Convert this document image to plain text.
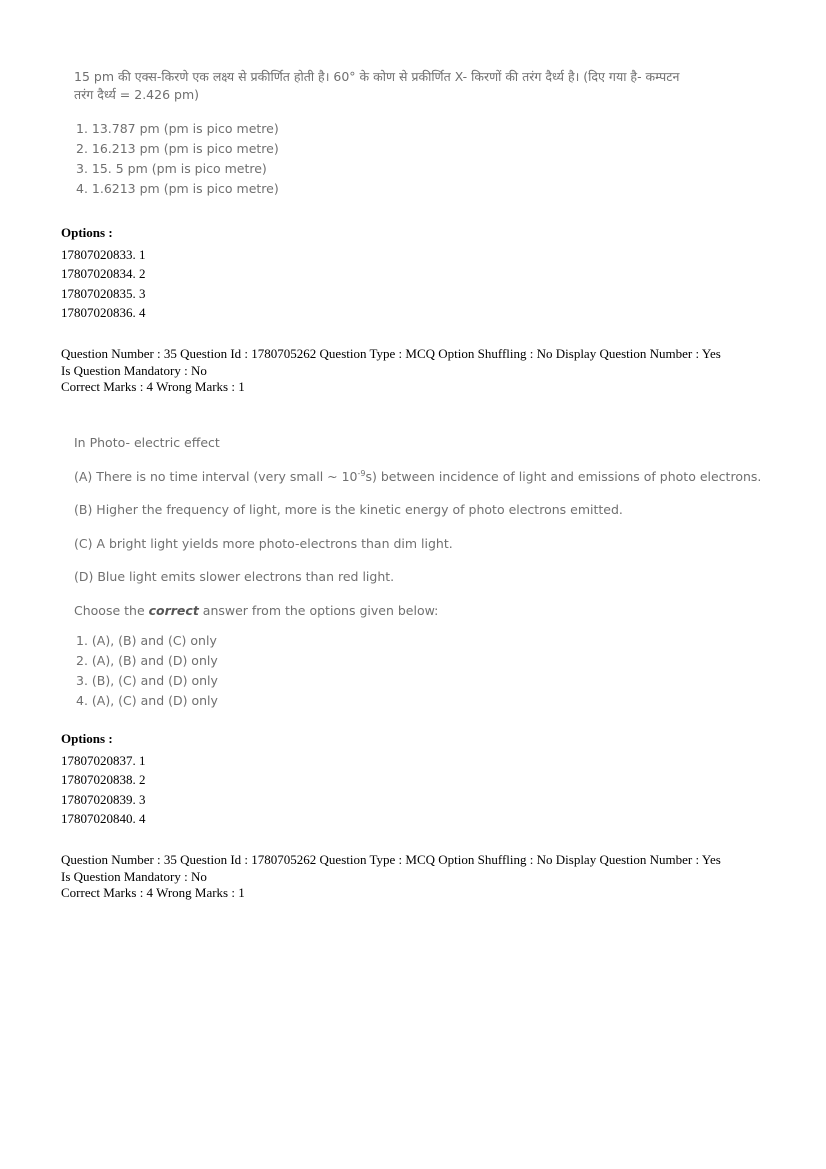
15 pm की एक्स-किरणे एक लक्ष्य से प्रकीर्णित होती है। 60° के कोण से प्रकीर्णित X- किरणों की तरंग दैर्ध्य है। (दिए गया है- कम्पटन

तरंग दैर्ध्य = 2.426 pm)

1. 13.787 pm (pm is pico metre)
2. 16.213 pm (pm is pico metre)
3. 15. 5 pm (pm is pico metre)
4. 1.6213 pm (pm is pico metre)
Options :
17807020833. 1
17807020834. 2
17807020835. 3
17807020836. 4
Question Number : 35 Question Id : 1780705262 Question Type : MCQ Option Shuffling : No Display Question Number : Yes
Is Question Mandatory : No
Correct Marks : 4 Wrong Marks : 1

In Photo- electric effect

(A) There is no time interval (very small ~ $10^{-9}s$) between incidence of light and emissions of photo electrons.

(B) Higher the frequency of light, more is the kinetic energy of photo electrons emitted.

(C) A bright light yields more photo-electrons than dim light.

(D) Blue light emits slower electrons than red light.

Choose the correct answer from the options given below:

1. (A), (B) and (C) only
2. (A), (B) and (D) only
3. (B), (C) and (D) only
4. (A), (C) and (D) only
Options :
17807020837. 1
17807020838. 2
17807020839. 3
17807020840. 4
Question Number : 35 Question Id : 1780705262 Question Type : MCQ Option Shuffling : No Display Question Number : Yes
Is Question Mandatory : No
Correct Marks : 4 Wrong Marks : 1
